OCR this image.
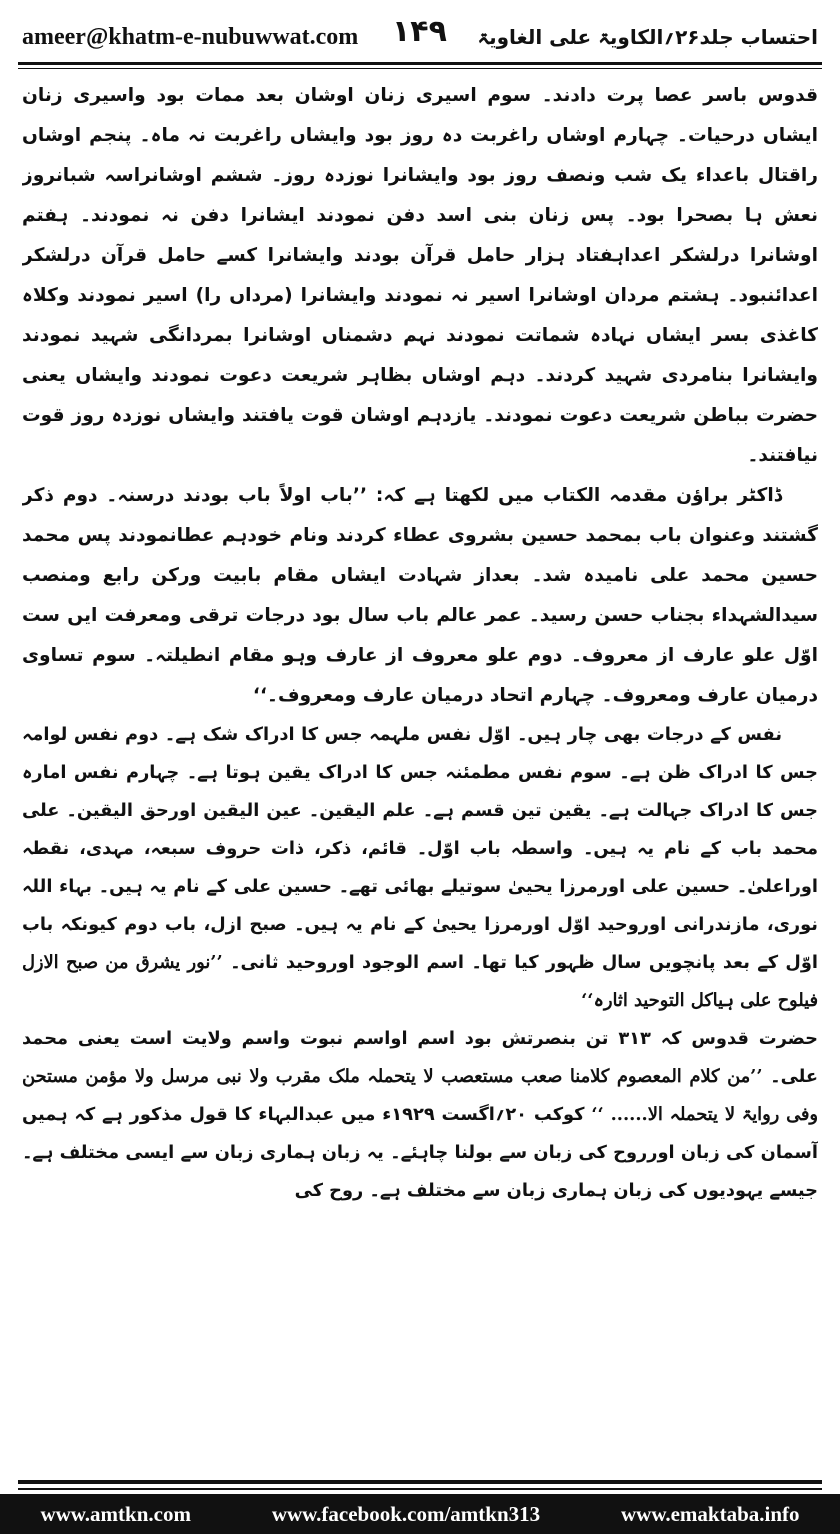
ameer@khatm-e-nubuwwat.com ۱۴۹ احتساب جلد۲۶؍الکاویۃ علی الغاویۃ

قدوس باسر عصا پرت دادند۔ سوم اسیری زنان اوشان بعد ممات بود واسیری زنان ایشاں درحیات۔ چہارم اوشاں راغربت دہ روز بود وایشاں راغربت نہ ماہ۔ پنجم اوشاں راقتال باعداء یک شب ونصف روز بود وایشانرا نوزدہ روز۔ ششم اوشانراسہ شبانروز نعش ہا بصحرا بود۔ پس زنان بنی اسد دفن نمودند ایشانرا دفن نہ نمودند۔ ہفتم اوشانرا درلشکر اعداہفتاد ہزار حامل قرآن بودند وایشانرا کسے حامل قرآن درلشکر اعدائنبود۔ ہشتم مردان اوشانرا اسیر نہ نمودند وایشانرا (مرداں را) اسیر نمودند وکلاہ کاغذی بسر ایشاں نہادہ شماتت نمودند نہم دشمناں اوشانرا بمردانگی شہید نمودند وایشانرا بنامردی شہید کردند۔ دہم اوشاں بظاہر شریعت دعوت نمودند وایشاں یعنی حضرت بباطن شریعت دعوت نمودند۔ یازدہم اوشان قوت یافتند وایشاں نوزدہ روز قوت نیافتند۔

ڈاکٹر براؤن مقدمہ الکتاب میں لکھتا ہے کہ: ’’باب اولاً باب بودند درسنہ۔ دوم ذکر گشتند وعنوان باب بمحمد حسین بشروی عطاء کردند ونام خودہم عطانمودند پس محمد حسین محمد علی نامیدہ شد۔ بعداز شہادت ایشاں مقام بابیت ورکن رابع ومنصب سیدالشہداء بجناب حسن رسید۔ عمر عالم باب سال بود درجات ترقی ومعرفت ایں ست اوّل علو عارف از معروف۔ دوم علو معروف از عارف وہو مقام انطیلتہ۔ سوم تساوی درمیان عارف ومعروف۔ چہارم اتحاد درمیان عارف ومعروف۔‘‘

نفس کے درجات بھی چار ہیں۔ اوّل نفس ملہمہ جس کا ادراک شک ہے۔ دوم نفس لوامہ جس کا ادراک ظن ہے۔ سوم نفس مطمئنہ جس کا ادراک یقین ہوتا ہے۔ چہارم نفس امارہ جس کا ادراک جہالت ہے۔ یقین تین قسم ہے۔ علم الیقین۔ عین الیقین اورحق الیقین۔ علی محمد باب کے نام یہ ہیں۔ واسطہ باب اوّل۔ قائم، ذکر، ذات حروف سبعہ، مہدی، نقطہ اوراعلیٰ۔ حسین علی اورمرزا یحییٰ سوتیلے بھائی تھے۔ حسین علی کے نام یہ ہیں۔ بہاء اللہ نوری، مازندرانی اوروحید اوّل اورمرزا یحییٰ کے نام یہ ہیں۔ صبح ازل، باب دوم کیونکہ باب اوّل کے بعد پانچویں سال ظہور کیا تھا۔ اسم الوجود اوروحید ثانی۔ ’’نور یشرق من صبح الازل فیلوح علی ہیاکل التوحید اثارہ‘‘

حضرت قدوس کہ ۳۱۳ تن بنصرتش بود اسم اواسم نبوت واسم ولایت است یعنی محمد علی۔ ’’من کلام المعصوم کلامنا صعب مستعصب لا یتحملہ ملک مقرب ولا نبی مرسل ولا مؤمن مستحن وفی روایۃ لا یتحملہ الا...... ‘‘ کوکب ۲۰؍اگست ۱۹۲۹ء میں عبدالبہاء کا قول مذکور ہے کہ ہمیں آسمان کی زبان اورروح کی زبان سے بولنا چاہئے۔ یہ زبان ہماری زبان سے ایسی مختلف ہے۔ جیسے یہودیوں کی زبان ہماری زبان سے مختلف ہے۔ روح کی

www.amtkn.com	www.facebook.com/amtkn313	www.emaktaba.info
